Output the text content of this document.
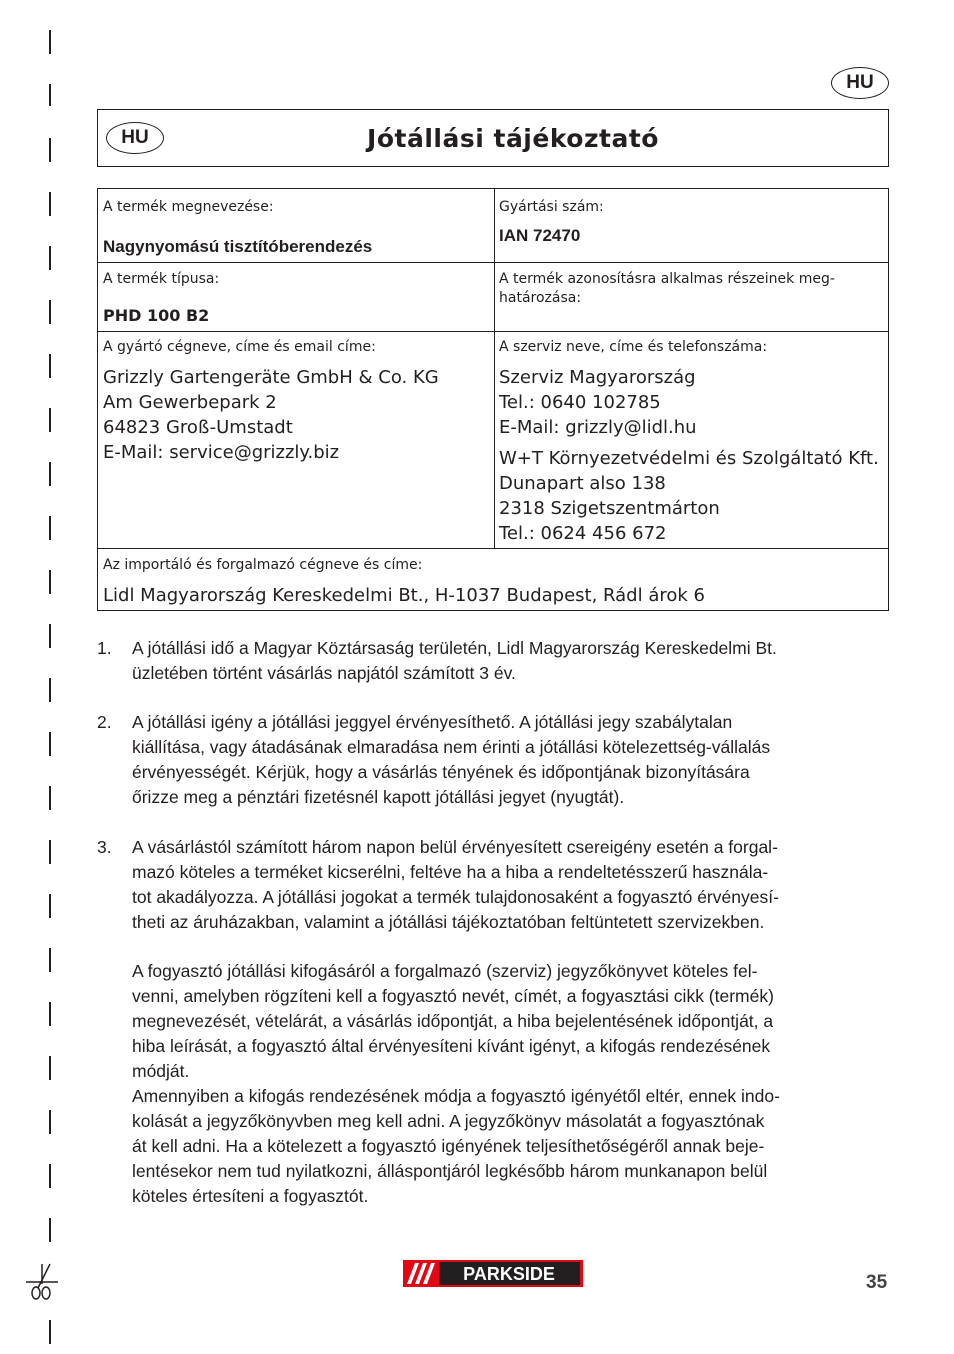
HU
Jótállási tájékoztató
HU
A termék megnevezése:
Nagynyomású tisztítóberendezés
Gyártási szám:
IAN 72470
A termék típusa:
PHD 100 B2
A termék azonosításra alkalmas részeinek meg-
határozása:
A gyártó cégneve, címe és email címe:
Grizzly Gartengeräte GmbH & Co. KG
Am Gewerbepark 2
64823 Groß-Umstadt
E-Mail: service@grizzly.biz
A szerviz neve, címe és telefonszáma:
Szerviz Magyarország
Tel.: 0640 102785
E-Mail: grizzly@lidl.hu
W+T Környezetvédelmi és Szolgáltató Kft.
Dunapart also 138
2318 Szigetszentmárton
Tel.: 0624 456 672
Az importáló és forgalmazó cégneve és címe:
Lidl Magyarország Kereskedelmi Bt., H-1037 Budapest, Rádl árok 6
1. A jótállási idő a Magyar Köztársaság területén, Lidl Magyarország Kereskedelmi Bt.
üzletében történt vásárlás napjától számított 3 év.
2. A jótállási igény a jótállási jeggyel érvényesíthető. A jótállási jegy szabálytalan
kiállítása, vagy átadásának elmaradása nem érinti a jótállási kötelezettség-vállalás
érvényességét. Kérjük, hogy a vásárlás tényének és időpontjának bizonyítására
őrizze meg a pénztári fizetésnél kapott jótállási jegyet (nyugtát).
3. A vásárlástól számított három napon belül érvényesített csereigény esetén a forgal-
mazó köteles a terméket kicserélni, feltéve ha a hiba a rendeltetésszerű használa-
tot akadályozza. A jótállási jogokat a termék tulajdonosaként a fogyasztó érvényesí-
theti az áruházakban, valamint a jótállási tájékoztatóban feltüntetett szervizekben.
A fogyasztó jótállási kifogásáról a forgalmazó (szerviz) jegyzőkönyvet köteles fel-
venni, amelyben rögzíteni kell a fogyasztó nevét, címét, a fogyasztási cikk (termék)
megnevezését, vételárát, a vásárlás időpontját, a hiba bejelentésének időpontját, a
hiba leírását, a fogyasztó által érvényesíteni kívánt igényt, a kifogás rendezésének
módját.
Amennyiben a kifogás rendezésének módja a fogyasztó igényétől eltér, ennek indo-
kolását a jegyzőkönyvben meg kell adni. A jegyzőkönyv másolatát a fogyasztónak
át kell adni. Ha a kötelezett a fogyasztó igényének teljesíthetőségéről annak beje-
lentésekor nem tud nyilatkozni, álláspontjáról legkésőbb három munkanapon belül
köteles értesíteni a fogyasztót.
PARKSIDE	35
